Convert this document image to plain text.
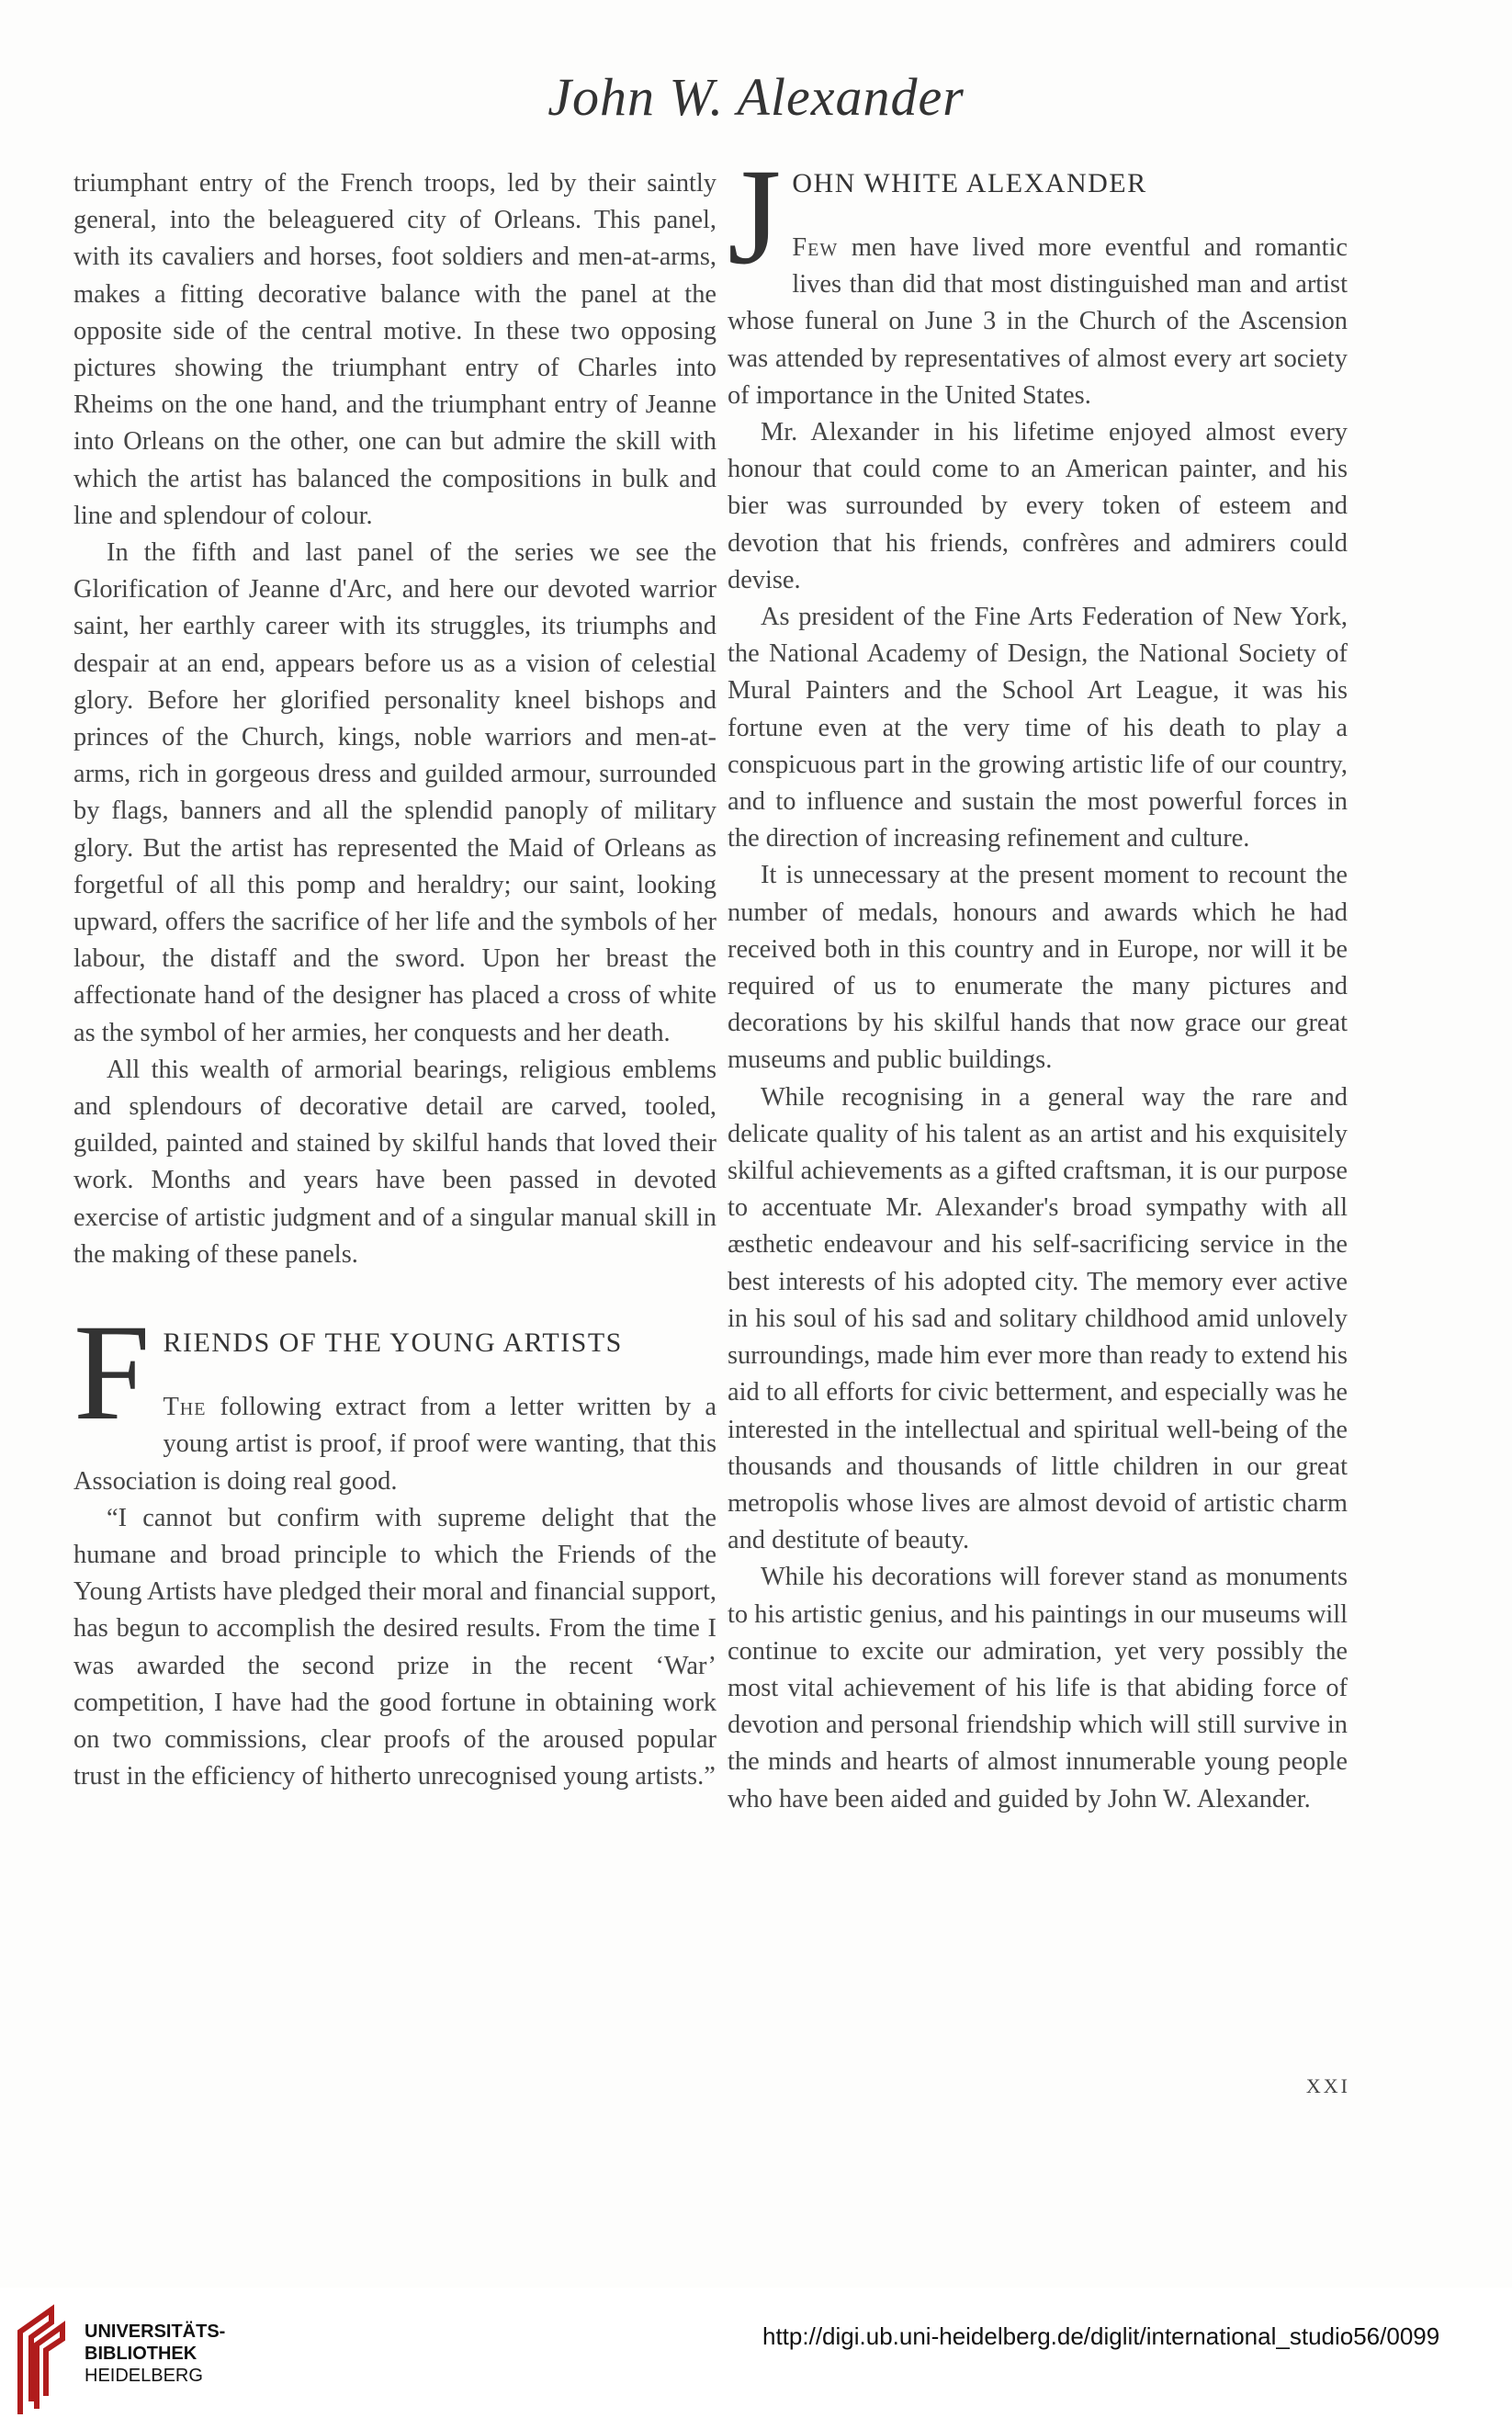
John W. Alexander

triumphant entry of the French troops, led by their saintly general, into the beleaguered city of Orleans. This panel, with its cavaliers and horses, foot soldiers and men-at-arms, makes a fitting decorative balance with the panel at the opposite side of the central motive. In these two opposing pictures showing the triumphant entry of Charles into Rheims on the one hand, and the triumphant entry of Jeanne into Orleans on the other, one can but admire the skill with which the artist has balanced the compositions in bulk and line and splendour of colour.

In the fifth and last panel of the series we see the Glorification of Jeanne d'Arc, and here our devoted warrior saint, her earthly career with its struggles, its triumphs and despair at an end, appears before us as a vision of celestial glory. Before her glorified personality kneel bishops and princes of the Church, kings, noble warriors and men-at-arms, rich in gorgeous dress and guilded armour, surrounded by flags, banners and all the splendid panoply of military glory. But the artist has represented the Maid of Orleans as forgetful of all this pomp and heraldry; our saint, looking upward, offers the sacrifice of her life and the symbols of her labour, the distaff and the sword. Upon her breast the affectionate hand of the designer has placed a cross of white as the symbol of her armies, her conquests and her death.

All this wealth of armorial bearings, religious emblems and splendours of decorative detail are carved, tooled, guilded, painted and stained by skilful hands that loved their work. Months and years have been passed in devoted exercise of artistic judgment and of a singular manual skill in the making of these panels.

F RIENDS OF THE YOUNG ARTISTS

The following extract from a letter written by a young artist is proof, if proof were wanting, that this Association is doing real good.

“I cannot but confirm with supreme delight that the humane and broad principle to which the Friends of the Young Artists have pledged their moral and financial support, has begun to accomplish the desired results. From the time I was awarded the second prize in the recent ‘War’ competition, I have had the good fortune in obtaining work on two commissions, clear proofs of the aroused popular trust in the efficiency of hitherto unrecognised young artists.”

J OHN WHITE ALEXANDER

Few men have lived more eventful and romantic lives than did that most distinguished man and artist whose funeral on June 3 in the Church of the Ascension was attended by representatives of almost every art society of importance in the United States.

Mr. Alexander in his lifetime enjoyed almost every honour that could come to an American painter, and his bier was surrounded by every token of esteem and devotion that his friends, confrères and admirers could devise.

As president of the Fine Arts Federation of New York, the National Academy of Design, the National Society of Mural Painters and the School Art League, it was his fortune even at the very time of his death to play a conspicuous part in the growing artistic life of our country, and to influence and sustain the most powerful forces in the direction of increasing refinement and culture.

It is unnecessary at the present moment to recount the number of medals, honours and awards which he had received both in this country and in Europe, nor will it be required of us to enumerate the many pictures and decorations by his skilful hands that now grace our great museums and public buildings.

While recognising in a general way the rare and delicate quality of his talent as an artist and his exquisitely skilful achievements as a gifted craftsman, it is our purpose to accentuate Mr. Alexander's broad sympathy with all æsthetic endeavour and his self-sacrificing service in the best interests of his adopted city. The memory ever active in his soul of his sad and solitary childhood amid unlovely surroundings, made him ever more than ready to extend his aid to all efforts for civic betterment, and especially was he interested in the intellectual and spiritual well-being of the thousands and thousands of little children in our great metropolis whose lives are almost devoid of artistic charm and destitute of beauty.

While his decorations will forever stand as monuments to his artistic genius, and his paintings in our museums will continue to excite our admiration, yet very possibly the most vital achievement of his life is that abiding force of devotion and personal friendship which will still survive in the minds and hearts of almost innumerable young people who have been aided and guided by John W. Alexander.

XXI
UNIVERSITÄTS-
BIBLIOTHEK
HEIDELBERG
http://digi.ub.uni-heidelberg.de/diglit/international_studio56/0099
